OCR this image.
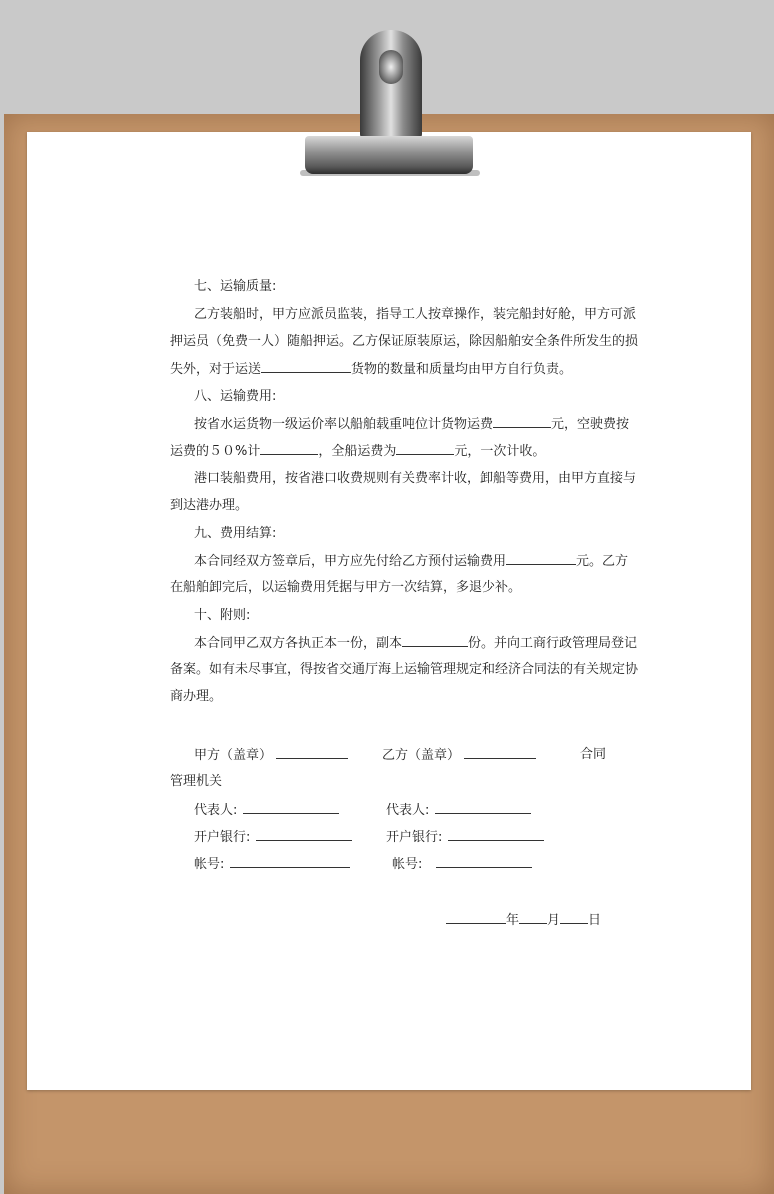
七、运输质量:
乙方装船时，甲方应派员监装，指导工人按章操作，装完船封好舱，甲方可派
押运员（免费一人）随船押运。乙方保证原装原运，除因船舶安全条件所发生的损
失外，对于运送	货物的数量和质量均由甲方自行负责。
八、运输费用:
按省水运货物一级运价率以船舶载重吨位计货物运费	元，空驶费按
运费的５０%计	，全船运费为	元，一次计收。
港口装船费用，按省港口收费规则有关费率计收，卸船等费用，由甲方直接与
到达港办理。
九、费用结算:
本合同经双方签章后，甲方应先付给乙方预付运输费用	元。乙方
在船舶卸完后，以运输费用凭据与甲方一次结算，多退少补。
十、附则:
本合同甲乙双方各执正本一份，副本	份。并向工商行政管理局登记
备案。如有未尽事宜，得按省交通厅海上运输管理规定和经济合同法的有关规定协
商办理。
甲方（盖章）	乙方（盖章）	合同
管理机关
代表人:	代表人:
开户银行:	开户银行:
帐号:	帐号:
年 月 日
